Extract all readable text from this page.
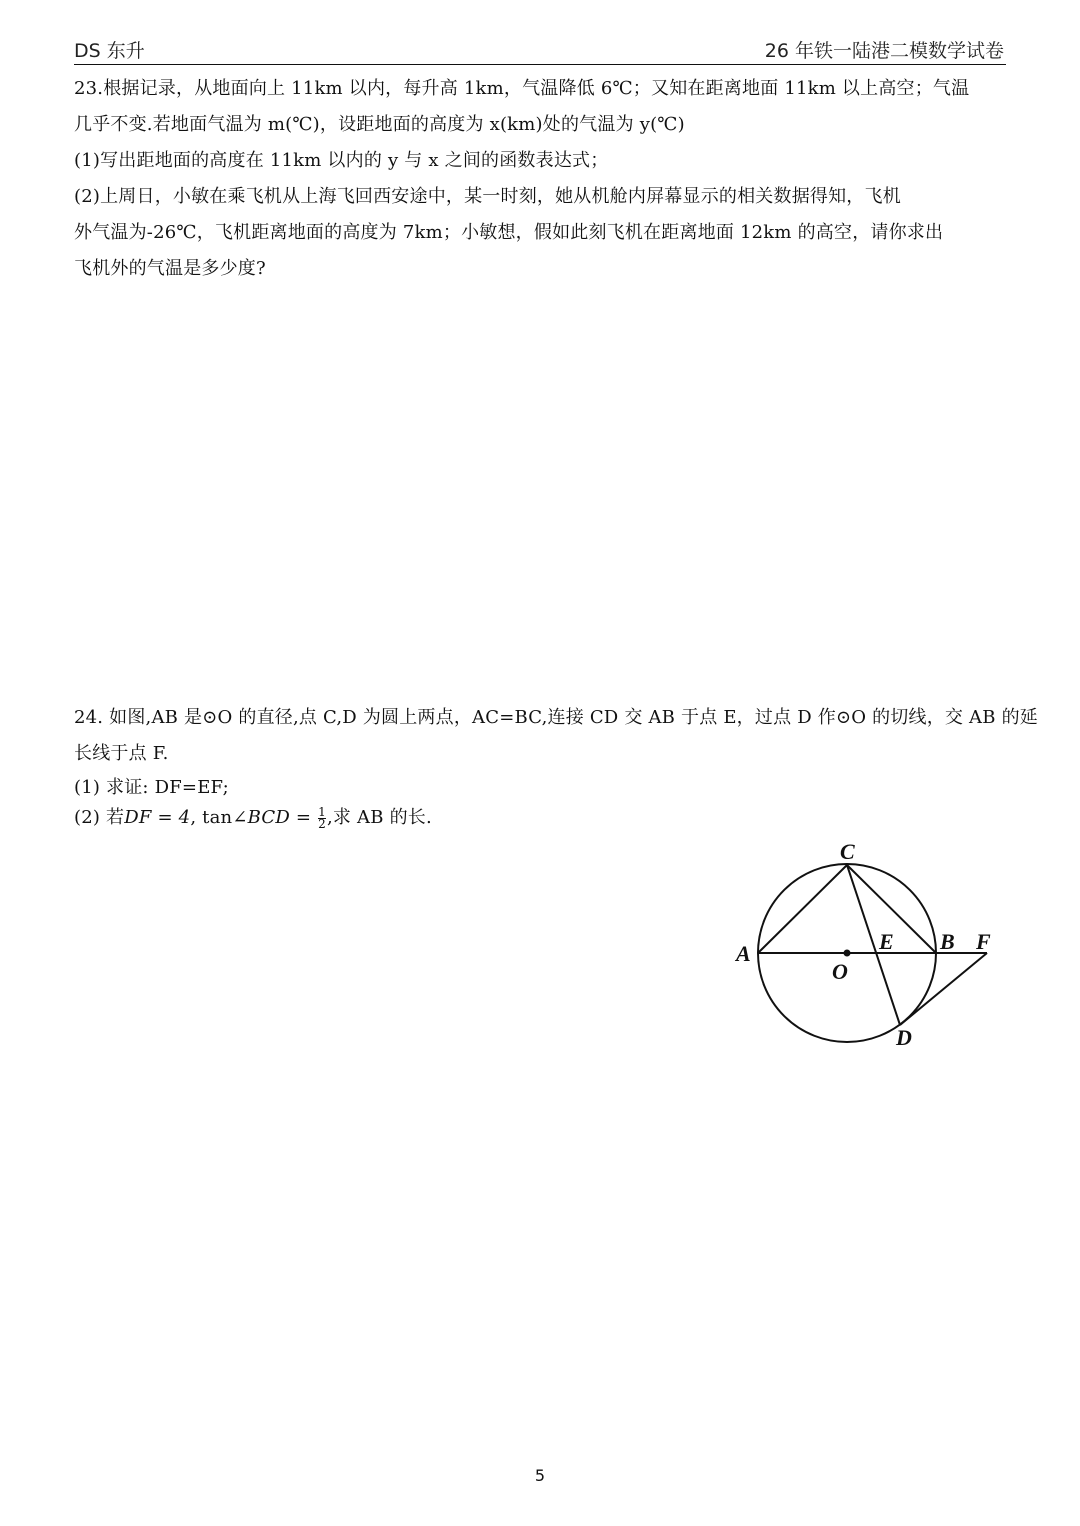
DS 东升	26 年铁一陆港二模数学试卷
23.根据记录，从地面向上 11km 以内，每升高 1km，气温降低 6℃；又知在距离地面 11km 以上高空；气温
几乎不变.若地面气温为 m(℃)，设距地面的高度为 x(km)处的气温为 y(℃)
(1)写出距地面的高度在 11km 以内的 y 与 x 之间的函数表达式；
(2)上周日，小敏在乘飞机从上海飞回西安途中，某一时刻，她从机舱内屏幕显示的相关数据得知，飞机
外气温为-26℃，飞机距离地面的高度为 7km；小敏想，假如此刻飞机在距离地面 12km 的高空，请你求出
飞机外的气温是多少度?
24. 如图,AB 是⊙O 的直径,点 C,D 为圆上两点，AC=BC,连接 CD 交 AB 于点 E，过点 D 作⊙O 的切线，交 AB 的延
长线于点 F.
(1) 求证: DF=EF;
(2) 若DF = 4, tan∠BCD = $\frac{1}{2}$ ,求 AB 的长.
C
A
O
E B F
D
5
